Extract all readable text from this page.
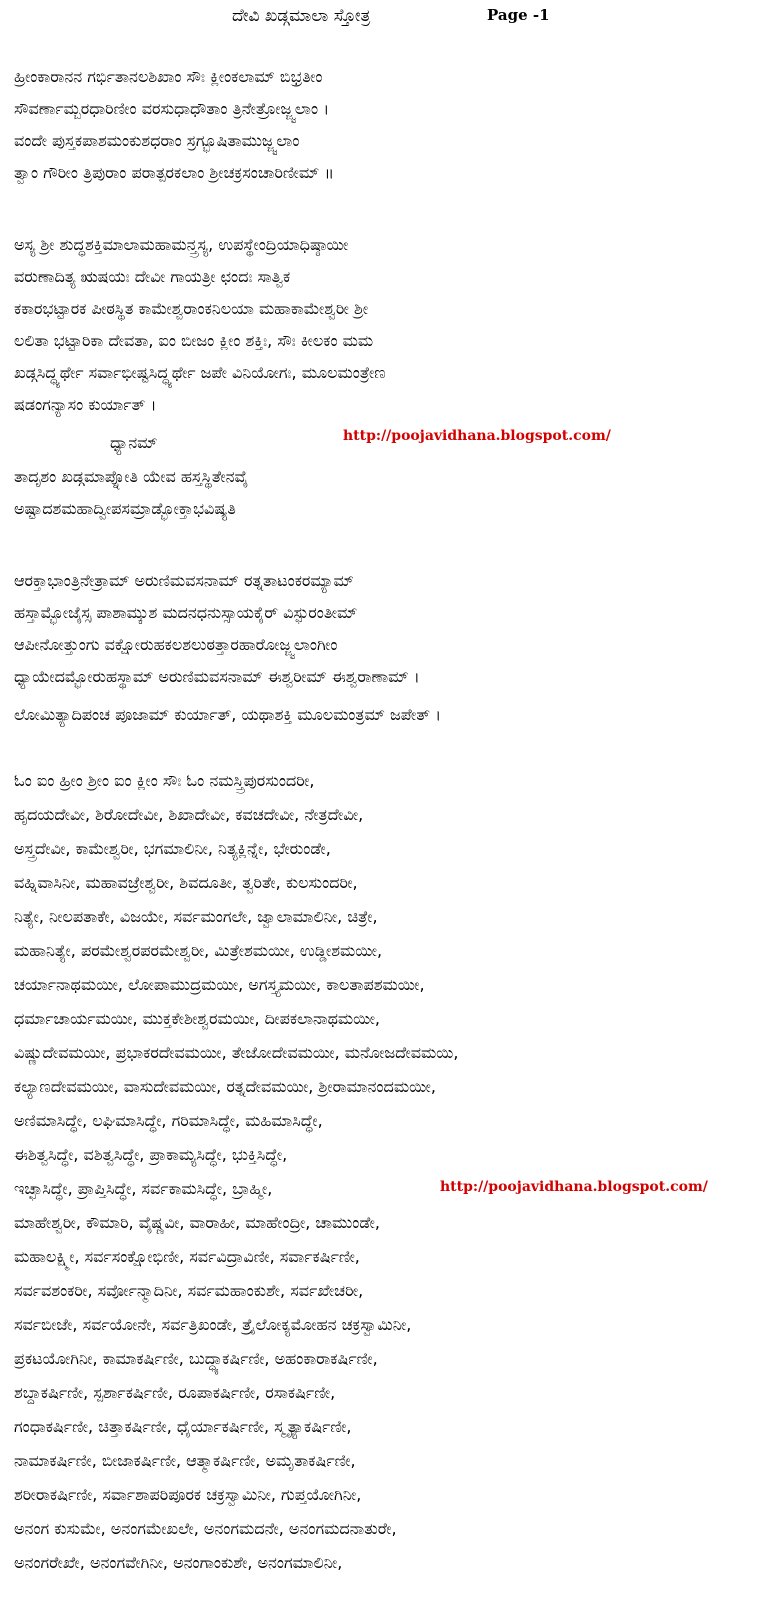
ದೇವಿ ಖಡ್ಗಮಾಲಾ ಸ್ತೋತ್ರ	Page -1
ಹ್ರೀಂಕಾರಾನನ ಗರ್ಭಿತಾನಲಶಿಖಾಂ ಸೌಃ ಕ್ಲೀಂಕಲಾಮ್ ಬಿಭ್ರತೀಂ
ಸೌವರ್ಣಾಮ್ಬರಧಾರಿಣೀಂ ವರಸುಧಾಧೌತಾಂ ತ್ರಿನೇತ್ರೋಜ್ಜ್ವಲಾಂ ।
ವಂದೇ ಪುಸ್ತಕಪಾಶಮಂಕುಶಧರಾಂ ಸ್ರಗ್ಭೂಷಿತಾಮುಜ್ಜ್ವಲಾಂ
ತ್ವಾಂ ಗೌರೀಂ ತ್ರಿಪುರಾಂ ಪರಾತ್ಪರಕಲಾಂ ಶ್ರೀಚಕ್ರಸಂಚಾರಿಣೀಮ್ ॥
ಅಸ್ಯ ಶ್ರೀ ಶುದ್ಧಶಕ್ತಿಮಾಲಾಮಹಾಮನ್ತ್ರಸ್ಯ, ಉಪಸ್ಥೇಂದ್ರಿಯಾಧಿಷ್ಠಾಯೀ
ವರುಣಾದಿತ್ಯ ಋಷಯಃ ದೇವೀ ಗಾಯತ್ರೀ ಛಂದಃ ಸಾತ್ವಿಕ
ಕಕಾರಭಟ್ಟಾರಕ ಪೀಠಸ್ಥಿತ ಕಾಮೇಶ್ವರಾಂಕನಿಲಯಾ ಮಹಾಕಾಮೇಶ್ವರೀ ಶ್ರೀ
ಲಲಿತಾ ಭಟ್ಟಾರಿಕಾ ದೇವತಾ, ಐಂ ಬೀಜಂ ಕ್ಲೀಂ ಶಕ್ತಿಃ, ಸೌಃ ಕೀಲಕಂ ಮಮ
ಖಡ್ಗಸಿದ್ಧ್ಯರ್ಥೇ ಸರ್ವಾಭೀಷ್ಟಸಿದ್ಧ್ಯರ್ಥೇ ಜಪೇ ವಿನಿಯೋಗಃ, ಮೂಲಮಂತ್ರೇಣ
ಷಡಂಗನ್ಯಾಸಂ ಕುರ್ಯಾತ್ ।
ಧ್ಯಾನಮ್	http://poojavidhana.blogspot.com/
ತಾದೃಶಂ ಖಡ್ಗಮಾಪ್ನೋತಿ ಯೇವ ಹಸ್ತಸ್ಥಿತೇನವೈ
ಅಷ್ಟಾದಶಮಹಾದ್ವೀಪಸಮ್ರಾಡ್ಭೋಕ್ತಾಭವಿಷ್ಯತಿ
ಆರಕ್ತಾಭಾಂತ್ರಿನೇತ್ರಾಮ್ ಅರುಣಿಮವಸನಾಮ್ ರತ್ನತಾಟಂಕರಮ್ಯಾಮ್
ಹಸ್ತಾಮ್ಭೋಜೈಸ್ಸ ಪಾಶಾಮ್ಕುಶ ಮದನಧನುಸ್ಸಾಯಕೈರ್ ವಿಸ್ಫುರಂತೀಮ್
ಆಪೀನೋತ್ತುಂಗು ವಕ್ಷೋರುಹಕಲಶಲುಠತ್ತಾರಹಾರೋಜ್ಜ್ವಲಾಂಗೀಂ
ಧ್ಯಾಯೇದಮ್ಭೋರುಹಸ್ಥಾಮ್ ಅರುಣಿಮವಸನಾಮ್ ಈಶ್ವರೀಮ್ ಈಶ್ವರಾಣಾಮ್ ।
ಲೋಮಿತ್ಯಾದಿಪಂಚ ಪೂಜಾಮ್ ಕುರ್ಯಾತ್, ಯಥಾಶಕ್ತಿ ಮೂಲಮಂತ್ರಮ್ ಜಪೇತ್ ।
ಓಂ ಐಂ ಹ್ರೀಂ ಶ್ರೀಂ ಐಂ ಕ್ಲೀಂ ಸೌಃ ಓಂ ನಮಸ್ತ್ರಿಪುರಸುಂದರೀ,
ಹೃದಯದೇವೀ, ಶಿರೋದೇವೀ, ಶಿಖಾದೇವೀ, ಕವಚದೇವೀ, ನೇತ್ರದೇವೀ,
ಅಸ್ತ್ರದೇವೀ, ಕಾಮೇಶ್ವರೀ, ಭಗಮಾಲಿನೀ, ನಿತ್ಯಕ್ಲಿನ್ನೇ, ಭೇರುಂಡೇ,
ವಹ್ನಿವಾಸಿನೀ, ಮಹಾವಜ್ರೇಶ್ವರೀ, ಶಿವದೂತೀ, ತ್ವರಿತೇ, ಕುಲಸುಂದರೀ,
ನಿತ್ಯೇ, ನೀಲಪತಾಕೇ, ವಿಜಯೇ, ಸರ್ವಮಂಗಲೇ, ಜ್ವಾಲಾಮಾಲಿನೀ, ಚಿತ್ರೇ,
ಮಹಾನಿತ್ಯೇ, ಪರಮೇಶ್ವರಪರಮೇಶ್ವರೀ, ಮಿತ್ರೇಶಮಯೀ, ಉಡ್ಡೀಶಮಯೀ,
ಚರ್ಯಾನಾಥಮಯೀ, ಲೋಪಾಮುದ್ರಮಯೀ, ಅಗಸ್ತ್ಯಮಯೀ, ಕಾಲತಾಪಶಮಯೀ,
ಧರ್ಮಾಚಾರ್ಯಮಯೀ, ಮುಕ್ತಕೇಶೀಶ್ವರಮಯೀ, ದೀಪಕಲಾನಾಥಮಯೀ,
ವಿಷ್ಣುದೇವಮಯೀ, ಪ್ರಭಾಕರದೇವಮಯೀ, ತೇಜೋದೇವಮಯೀ, ಮನೋಜದೇವಮಯಿ,
ಕಲ್ಯಾಣದೇವಮಯೀ, ವಾಸುದೇವಮಯೀ, ರತ್ನದೇವಮಯೀ, ಶ್ರೀರಾಮಾನಂದಮಯೀ,
ಅಣಿಮಾಸಿದ್ಧೇ, ಲಘಿಮಾಸಿದ್ಧೇ, ಗರಿಮಾಸಿದ್ಧೇ, ಮಹಿಮಾಸಿದ್ಧೇ,
ಈಶಿತ್ವಸಿದ್ಧೇ, ವಶಿತ್ವಸಿದ್ಧೇ, ಪ್ರಾಕಾಮ್ಯಸಿದ್ಧೇ, ಭುಕ್ತಿಸಿದ್ಧೇ,
ಇಚ್ಛಾಸಿದ್ಧೇ, ಪ್ರಾಪ್ತಿಸಿದ್ಧೇ, ಸರ್ವಕಾಮಸಿದ್ಧೇ, ಬ್ರಾಹ್ಮೀ,	http://poojavidhana.blogspot.com/
ಮಾಹೇಶ್ವರೀ, ಕೌಮಾರಿ, ವೈಷ್ಣವೀ, ವಾರಾಹೀ, ಮಾಹೇಂದ್ರೀ, ಚಾಮುಂಡೇ,
ಮಹಾಲಕ್ಷ್ಮೀ, ಸರ್ವಸಂಕ್ಷೋಭಿಣೀ, ಸರ್ವವಿದ್ರಾವಿಣೀ, ಸರ್ವಾಕರ್ಷಿಣೀ,
ಸರ್ವವಶಂಕರೀ, ಸರ್ವೋನ್ಮಾದಿನೀ, ಸರ್ವಮಹಾಂಕುಶೇ, ಸರ್ವಖೇಚರೀ,
ಸರ್ವಬೀಜೇ, ಸರ್ವಯೋನೇ, ಸರ್ವತ್ರಿಖಂಡೇ, ತ್ರೈಲೋಕ್ಯಮೋಹನ ಚಕ್ರಸ್ವಾಮಿನೀ,
ಪ್ರಕಟಯೋಗಿನೀ, ಕಾಮಾಕರ್ಷಿಣೀ, ಬುದ್ಧ್ಯಾಕರ್ಷಿಣೀ, ಅಹಂಕಾರಾಕರ್ಷಿಣೀ,
ಶಬ್ದಾಕರ್ಷಿಣೀ, ಸ್ಪರ್ಶಾಕರ್ಷಿಣೀ, ರೂಪಾಕರ್ಷಿಣೀ, ರಸಾಕರ್ಷಿಣೀ,
ಗಂಧಾಕರ್ಷಿಣೀ, ಚಿತ್ತಾಕರ್ಷಿಣೀ, ಧೈರ್ಯಾಕರ್ಷಿಣೀ, ಸ್ಮೃತ್ಯಾಕರ್ಷಿಣೀ,
ನಾಮಾಕರ್ಷಿಣೀ, ಬೀಜಾಕರ್ಷಿಣೀ, ಆತ್ಮಾಕರ್ಷಿಣೀ, ಅಮೃತಾಕರ್ಷಿಣೀ,
ಶರೀರಾಕರ್ಷಿಣೀ, ಸರ್ವಾಶಾಪರಿಪೂರಕ ಚಕ್ರಸ್ವಾಮಿನೀ, ಗುಪ್ತಯೋಗಿನೀ,
ಅನಂಗ ಕುಸುಮೇ, ಅನಂಗಮೇಖಲೇ, ಅನಂಗಮದನೇ, ಅನಂಗಮದನಾತುರೇ,
ಅನಂಗರೇಖೇ, ಅನಂಗವೇಗಿನೀ, ಅನಂಗಾಂಕುಶೇ, ಅನಂಗಮಾಲಿನೀ,
